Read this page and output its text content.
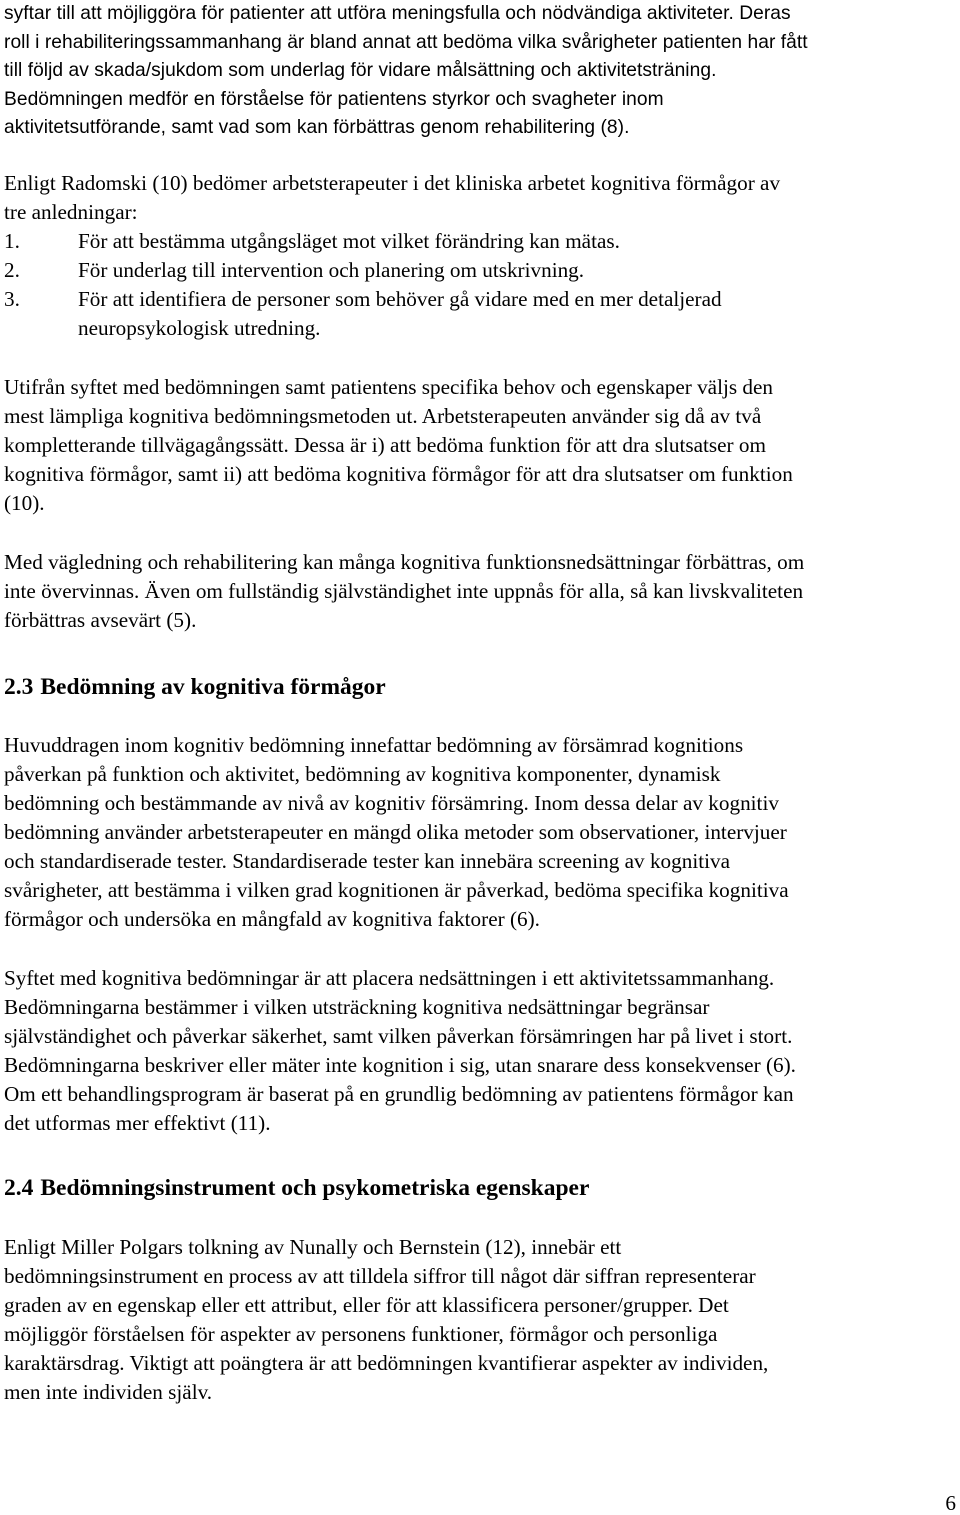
syftar till att möjliggöra för patienter att utföra meningsfulla och nödvändiga aktiviteter. Deras
roll i rehabiliteringssammanhang är bland annat att bedöma vilka svårigheter patienten har fått
till följd av skada/sjukdom som underlag för vidare målsättning och aktivitetsträning.
Bedömningen medför en förståelse för patientens styrkor och svagheter inom
aktivitetsutförande, samt vad som kan förbättras genom rehabilitering (8).

Enligt Radomski (10) bedömer arbetsterapeuter i det kliniska arbetet kognitiva förmågor av
tre anledningar:

1.	För att bestämma utgångsläget mot vilket förändring kan mätas.
2.	För underlag till intervention och planering om utskrivning.
3.	För att identifiera de personer som behöver gå vidare med en mer detaljerad
neuropsykologisk utredning.

Utifrån syftet med bedömningen samt patientens specifika behov och egenskaper väljs den
mest lämpliga kognitiva bedömningsmetoden ut. Arbetsterapeuten använder sig då av två
kompletterande tillvägagångssätt. Dessa är i) att bedöma funktion för att dra slutsatser om
kognitiva förmågor, samt ii) att bedöma kognitiva förmågor för att dra slutsatser om funktion
(10).

Med vägledning och rehabilitering kan många kognitiva funktionsnedsättningar förbättras, om
inte övervinnas. Även om fullständig självständighet inte uppnås för alla, så kan livskvaliteten
förbättras avsevärt (5).

2.3 Bedömning av kognitiva förmågor

Huvuddragen inom kognitiv bedömning innefattar bedömning av försämrad kognitions
påverkan på funktion och aktivitet, bedömning av kognitiva komponenter, dynamisk
bedömning och bestämmande av nivå av kognitiv försämring. Inom dessa delar av kognitiv
bedömning använder arbetsterapeuter en mängd olika metoder som observationer, intervjuer
och standardiserade tester. Standardiserade tester kan innebära screening av kognitiva
svårigheter, att bestämma i vilken grad kognitionen är påverkad, bedöma specifika kognitiva
förmågor och undersöka en mångfald av kognitiva faktorer (6).

Syftet med kognitiva bedömningar är att placera nedsättningen i ett aktivitetssammanhang.
Bedömningarna bestämmer i vilken utsträckning kognitiva nedsättningar begränsar
självständighet och påverkar säkerhet, samt vilken påverkan försämringen har på livet i stort.
Bedömningarna beskriver eller mäter inte kognition i sig, utan snarare dess konsekvenser (6).
Om ett behandlingsprogram är baserat på en grundlig bedömning av patientens förmågor kan
det utformas mer effektivt (11).

2.4 Bedömningsinstrument och psykometriska egenskaper

Enligt Miller Polgars tolkning av Nunally och Bernstein (12), innebär ett
bedömningsinstrument en process av att tilldela siffror till något där siffran representerar
graden av en egenskap eller ett attribut, eller för att klassificera personer/grupper. Det
möjliggör förståelsen för aspekter av personens funktioner, förmågor och personliga
karaktärsdrag. Viktigt att poängtera är att bedömningen kvantifierar aspekter av individen,
men inte individen själv.

6
